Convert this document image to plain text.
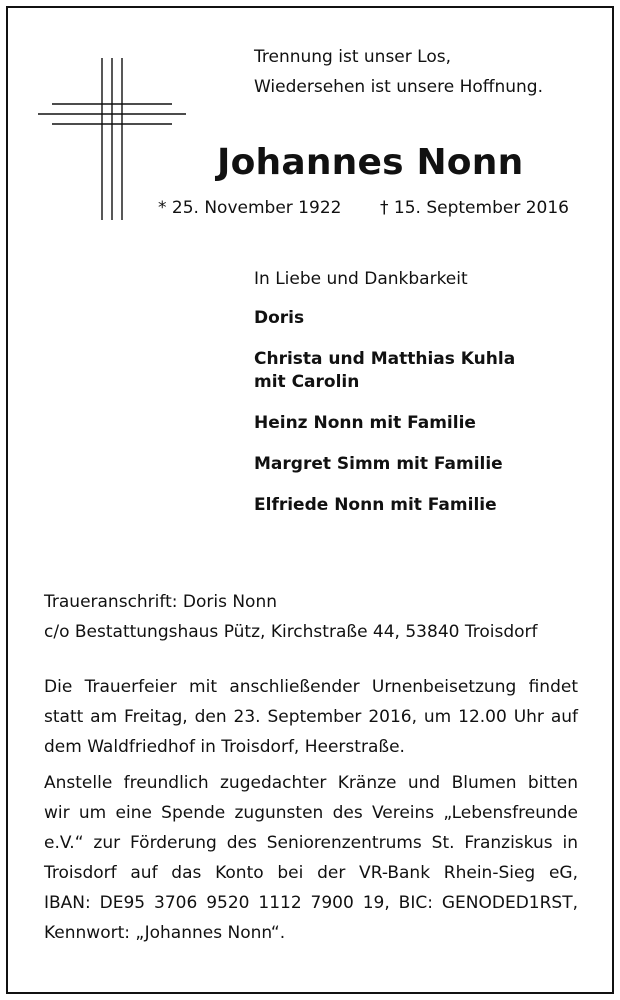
Trennung ist unser Los,
Wiedersehen ist unsere Hoffnung.
Johannes Nonn
* 25. November 1922 † 15. September 2016
In Liebe und Dankbarkeit
Doris
Christa und Matthias Kuhla
mit Carolin
Heinz Nonn mit Familie
Margret Simm mit Familie
Elfriede Nonn mit Familie
Traueranschrift: Doris Nonn
c/o Bestattungshaus Pütz, Kirchstraße 44, 53840 Troisdorf
Die Trauerfeier mit anschließender Urnenbeisetzung findet
statt am Freitag, den 23. September 2016, um 12.00 Uhr auf
dem Waldfriedhof in Troisdorf, Heerstraße.
Anstelle freundlich zugedachter Kränze und Blumen bitten
wir um eine Spende zugunsten des Vereins „Lebensfreunde
e.V.“ zur Förderung des Seniorenzentrums St. Franziskus in
Troisdorf auf das Konto bei der VR-Bank Rhein-Sieg eG,
IBAN: DE95 3706 9520 1112 7900 19, BIC: GENODED1RST,
Kennwort: „Johannes Nonn“.
